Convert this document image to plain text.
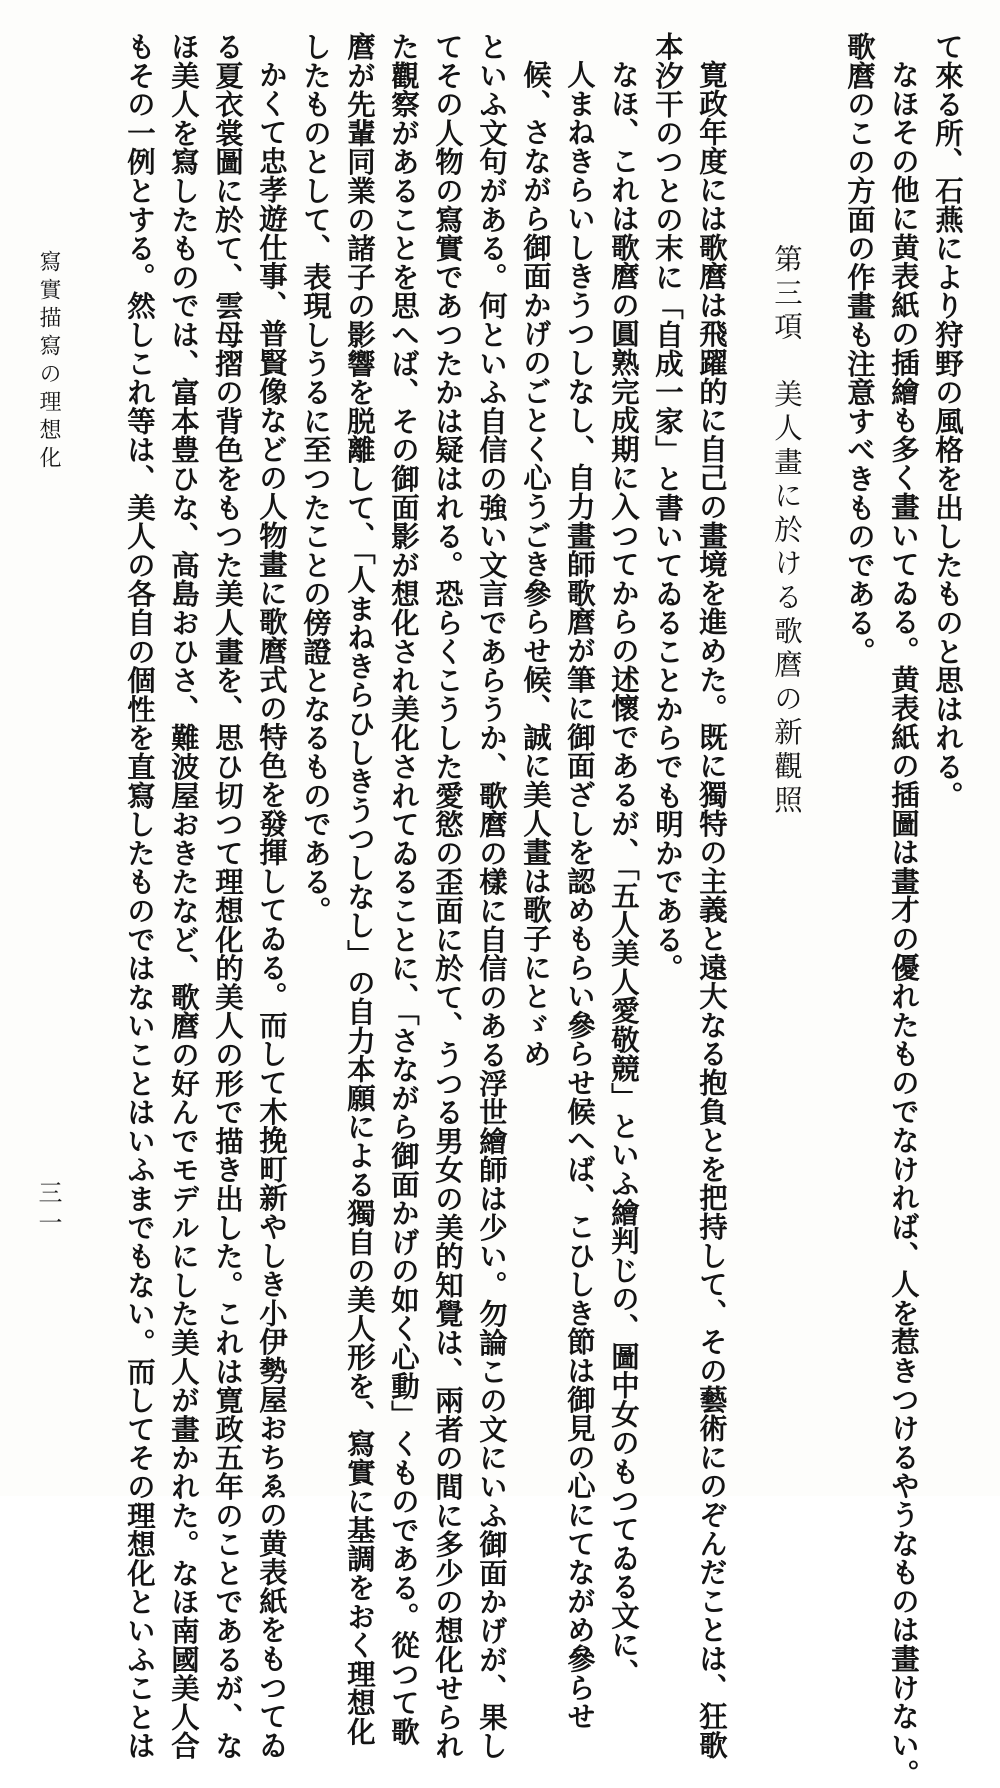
て來る所、石燕により狩野の風格を出したものと思はれる。
なほその他に黄表紙の插繪も多く畫いてゐる。黄表紙の插圖は畫才の優れたものでなければ、人を惹きつけるやうなものは畫けない。
歌麿のこの方面の作畫も注意すべきものである。
第三項　美人畫に於ける歌麿の新觀照
寛政年度には歌麿は飛躍的に自己の畫境を進めた。既に獨特の主義と遠大なる抱負とを把持して、その藝術にのぞんだことは、狂歌
本汐干のつとの末に「自成一家」と書いてゐることからでも明かである。
なほ、これは歌麿の圓熟完成期に入つてからの述懷であるが、「五人美人愛敬競」といふ繪判じの、圖中女のもつてゐる文に、
人まねきらいしきうつしなし、自力畫師歌麿が筆に御面ざしを認めもらい參らせ候へば、こひしき節は御見の心にてながめ參らせ
候、さながら御面かげのごとく心うごき參らせ候、誠に美人畫は歌子にとゞめ
といふ文句がある。何といふ自信の強い文言であらうか、歌麿の樣に自信のある浮世繪師は少い。勿論この文にいふ御面かげが、果し
てその人物の寫實であつたかは疑はれる。恐らくこうした愛慾の歪面に於て、うつる男女の美的知覺は、兩者の間に多少の想化せられ
た觀察があることを思へば、その御面影が想化され美化されてゐることに、「さながら御面かげの如く心動」くものである。從つて歌
麿が先輩同業の諸子の影響を脱離して、「人まねきらひしきうつしなし」の自力本願による獨自の美人形を、寫實に基調をおく理想化
したものとして、表現しうるに至つたことの傍證となるものである。
かくて忠孝遊仕事、普賢像などの人物畫に歌麿式の特色を發揮してゐる。而して木挽町新やしき小伊勢屋おちゑの黄表紙をもつてゐ
る夏衣裳圖に於て、雲母摺の背色をもつた美人畫を、思ひ切つて理想化的美人の形で描き出した。これは寛政五年のことであるが、な
ほ美人を寫したものでは、富本豊ひな、高島おひさ、難波屋おきたなど、歌麿の好んでモデルにした美人が畫かれた。なほ南國美人合
もその一例とする。然しこれ等は、美人の各自の個性を直寫したものではないことはいふまでもない。而してその理想化といふことは
寫實描寫の理想化
三一
